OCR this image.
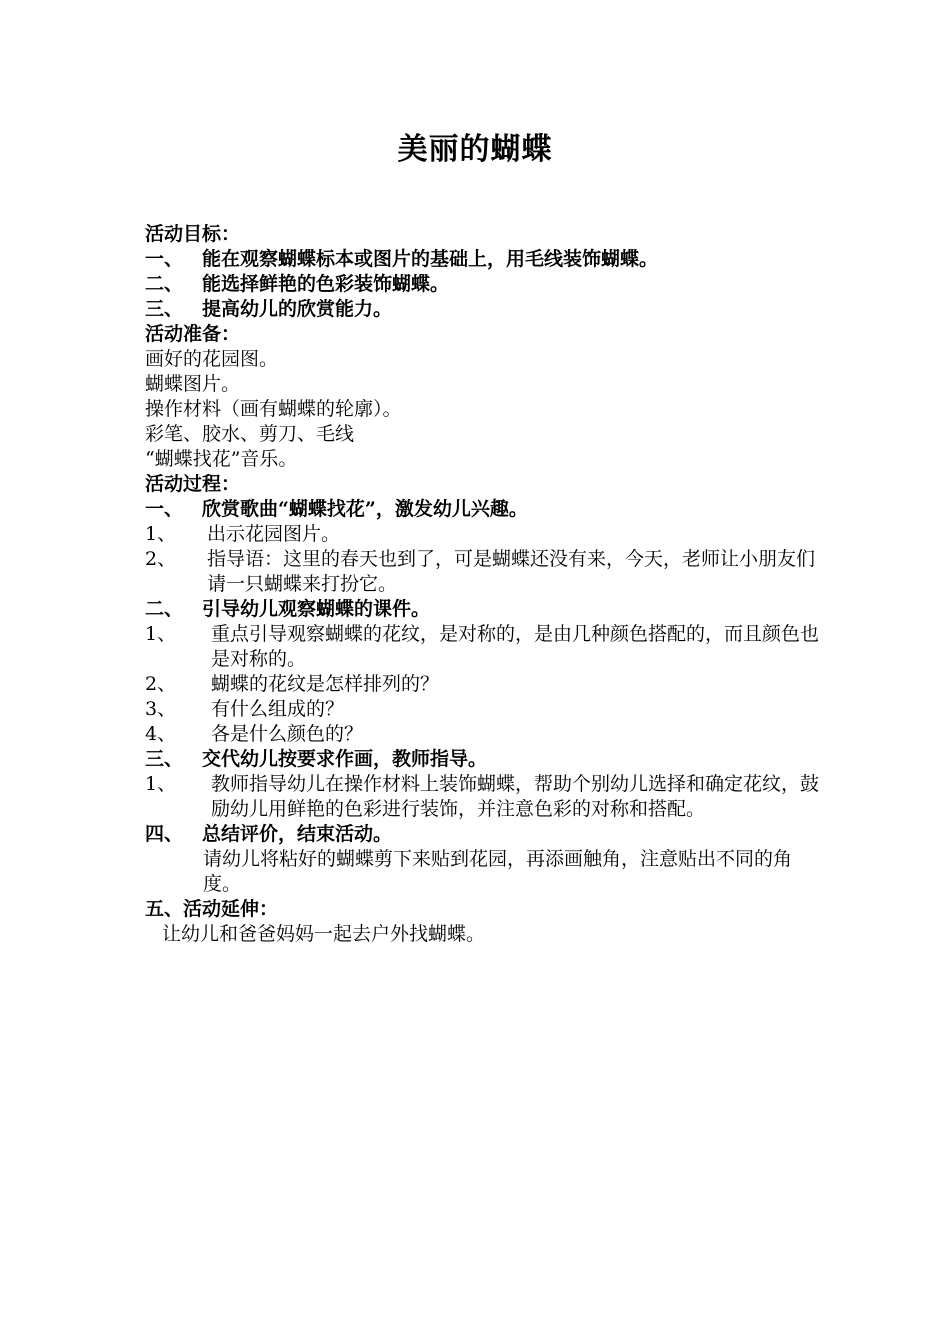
美丽的蝴蝶
活动目标：
一、 能在观察蝴蝶标本或图片的基础上，用毛线装饰蝴蝶。
二、 能选择鲜艳的色彩装饰蝴蝶。
三、 提高幼儿的欣赏能力。
活动准备：
画好的花园图。
蝴蝶图片。
操作材料（画有蝴蝶的轮廓）。
彩笔、胶水、剪刀、毛线
“蝴蝶找花”音乐。
活动过程：
一、 欣赏歌曲“蝴蝶找花”，激发幼儿兴趣。
1、	出示花园图片。
2、	指导语：这里的春天也到了，可是蝴蝶还没有来，今天，老师让小朋友们请一只蝴蝶来打扮它。
二、 引导幼儿观察蝴蝶的课件。
1、	重点引导观察蝴蝶的花纹，是对称的，是由几种颜色搭配的，而且颜色也是对称的。
2、	蝴蝶的花纹是怎样排列的？
3、	有什么组成的？
4、	各是什么颜色的？
三、 交代幼儿按要求作画，教师指导。
1、	教师指导幼儿在操作材料上装饰蝴蝶，帮助个别幼儿选择和确定花纹，鼓励幼儿用鲜艳的色彩进行装饰，并注意色彩的对称和搭配。
四、 总结评价，结束活动。
请幼儿将粘好的蝴蝶剪下来贴到花园，再添画触角，注意贴出不同的角度。
五、活动延伸：
让幼儿和爸爸妈妈一起去户外找蝴蝶。
